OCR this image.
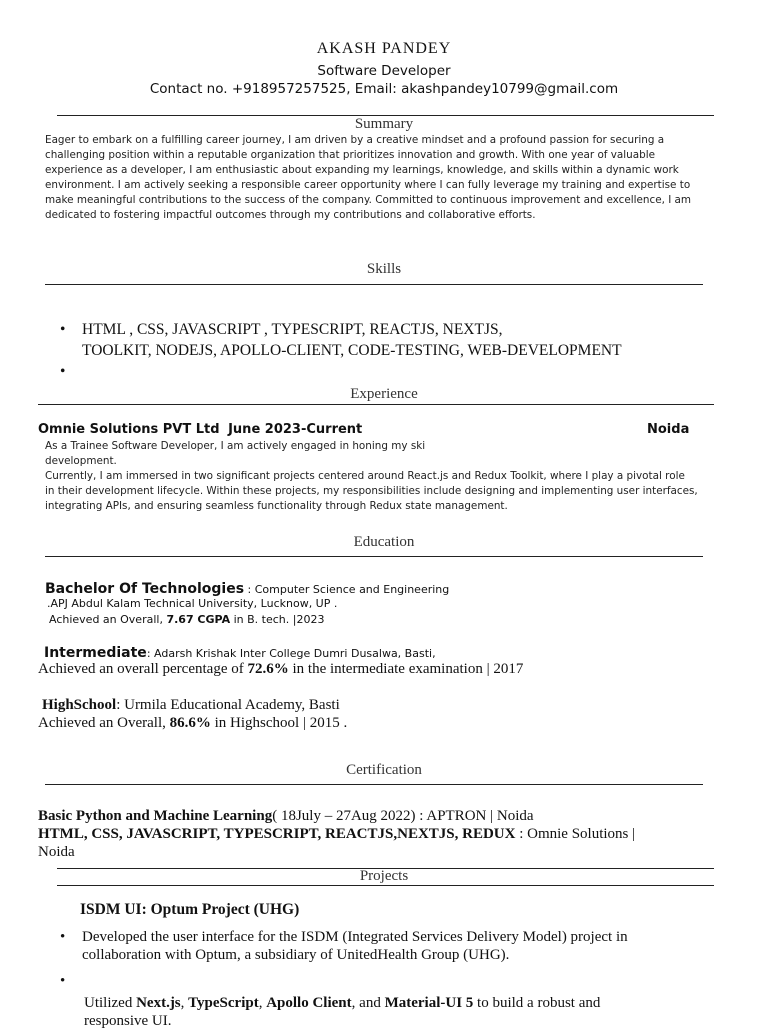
AKASH PANDEY
Software Developer
Contact no. +918957257525, Email: akashpandey10799@gmail.com
Summary
Eager to embark on a fulfilling career journey, I am driven by a creative mindset and a profound passion for securing a
challenging position within a reputable organization that prioritizes innovation and growth. With one year of valuable
experience as a developer, I am enthusiastic about expanding my learnings, knowledge, and skills within a dynamic work
environment. I am actively seeking a responsible career opportunity where I can fully leverage my training and expertise to
make meaningful contributions to the success of the company. Committed to continuous improvement and excellence, I am
dedicated to fostering impactful outcomes through my contributions and collaborative efforts.
Skills
• HTML , CSS, JAVASCRIPT , TYPESCRIPT, REACTJS, NEXTJS,
TOOLKIT, NODEJS, APOLLO-CLIENT, CODE-TESTING, WEB-DEVELOPMENT
•
Experience
Omnie Solutions PVT Ltd June 2023-Current	Noida
As a Trainee Software Developer, I am actively engaged in honing my ski
development.
Currently, I am immersed in two significant projects centered around React.js and Redux Toolkit, where I play a pivotal role
in their development lifecycle. Within these projects, my responsibilities include designing and implementing user interfaces,
integrating APIs, and ensuring seamless functionality through Redux state management.
Education
Bachelor Of Technologies : Computer Science and Engineering
.APJ Abdul Kalam Technical University, Lucknow, UP .
Achieved an Overall, 7.67 CGPA in B. tech. |2023
Intermediate: Adarsh Krishak Inter College Dumri Dusalwa, Basti,
Achieved an overall percentage of 72.6% in the intermediate examination | 2017
HighSchool: Urmila Educational Academy, Basti
Achieved an Overall, 86.6% in Highschool | 2015 .
Certification
Basic Python and Machine Learning( 18July – 27Aug 2022) : APTRON | Noida
HTML, CSS, JAVASCRIPT, TYPESCRIPT, REACTJS,NEXTJS, REDUX : Omnie Solutions |
Noida
Projects
ISDM UI: Optum Project (UHG)
• Developed the user interface for the ISDM (Integrated Services Delivery Model) project in
collaboration with Optum, a subsidiary of UnitedHealth Group (UHG).
•
Utilized Next.js, TypeScript, Apollo Client, and Material-UI 5 to build a robust and
responsive UI.
